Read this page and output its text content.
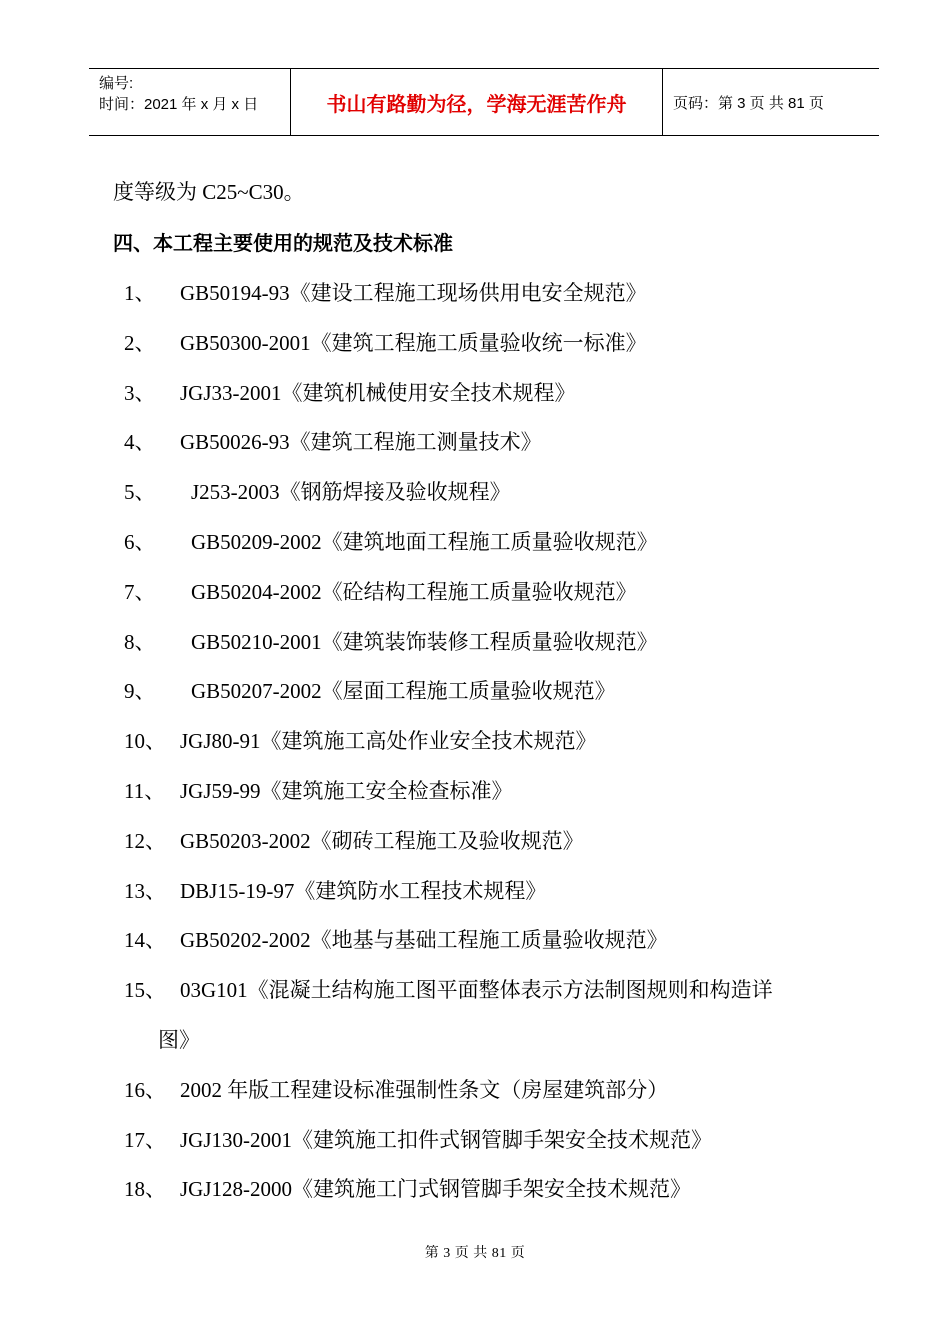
编号:
时间：2021 年 x 月 x 日	书山有路勤为径，学海无涯苦作舟	页码：第 3 页 共 81 页
度等级为 C25~C30。
四、本工程主要使用的规范及技术标准
1、 GB50194-93《建设工程施工现场供用电安全规范》
2、 GB50300-2001《建筑工程施工质量验收统一标准》
3、 JGJ33-2001《建筑机械使用安全技术规程》
4、 GB50026-93《建筑工程施工测量技术》
5、 J253-2003《钢筋焊接及验收规程》
6、 GB50209-2002《建筑地面工程施工质量验收规范》
7、 GB50204-2002《砼结构工程施工质量验收规范》
8、 GB50210-2001《建筑装饰装修工程质量验收规范》
9、 GB50207-2002《屋面工程施工质量验收规范》
10、 JGJ80-91《建筑施工高处作业安全技术规范》
11、 JGJ59-99《建筑施工安全检查标准》
12、 GB50203-2002《砌砖工程施工及验收规范》
13、 DBJ15-19-97《建筑防水工程技术规程》
14、 GB50202-2002《地基与基础工程施工质量验收规范》
15、 03G101《混凝土结构施工图平面整体表示方法制图规则和构造详
图》
16、 2002 年版工程建设标准强制性条文（房屋建筑部分）
17、 JGJ130-2001《建筑施工扣件式钢管脚手架安全技术规范》
18、 JGJ128-2000《建筑施工门式钢管脚手架安全技术规范》
第 3 页 共 81 页
